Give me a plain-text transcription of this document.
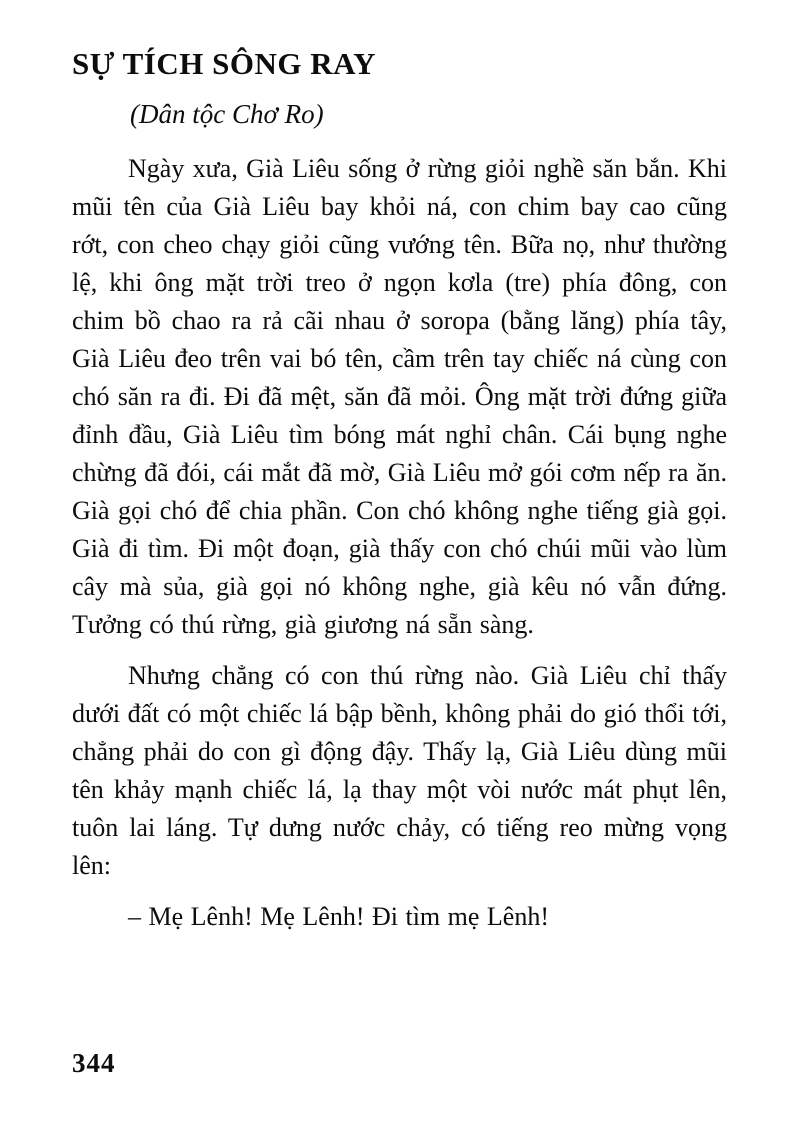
SỰ TÍCH SÔNG RAY

(Dân tộc Chơ Ro)

Ngày xưa, Già Liêu sống ở rừng giỏi nghề săn bắn. Khi mũi tên của Già Liêu bay khỏi ná, con chim bay cao cũng rớt, con cheo chạy giỏi cũng vướng tên. Bữa nọ, như thường lệ, khi ông mặt trời treo ở ngọn kơla (tre) phía đông, con chim bồ chao ra rả cãi nhau ở soropa (bằng lăng) phía tây, Già Liêu đeo trên vai bó tên, cầm trên tay chiếc ná cùng con chó săn ra đi. Đi đã mệt, săn đã mỏi. Ông mặt trời đứng giữa đỉnh đầu, Già Liêu tìm bóng mát nghỉ chân. Cái bụng nghe chừng đã đói, cái mắt đã mờ, Già Liêu mở gói cơm nếp ra ăn. Già gọi chó để chia phần. Con chó không nghe tiếng già gọi. Già đi tìm. Đi một đoạn, già thấy con chó chúi mũi vào lùm cây mà sủa, già gọi nó không nghe, già kêu nó vẫn đứng. Tưởng có thú rừng, già giương ná sẵn sàng.

Nhưng chẳng có con thú rừng nào. Già Liêu chỉ thấy dưới đất có một chiếc lá bập bềnh, không phải do gió thổi tới, chẳng phải do con gì động đậy. Thấy lạ, Già Liêu dùng mũi tên khảy mạnh chiếc lá, lạ thay một vòi nước mát phụt lên, tuôn lai láng. Tự dưng nước chảy, có tiếng reo mừng vọng lên:

– Mẹ Lênh! Mẹ Lênh! Đi tìm mẹ Lênh!

344
